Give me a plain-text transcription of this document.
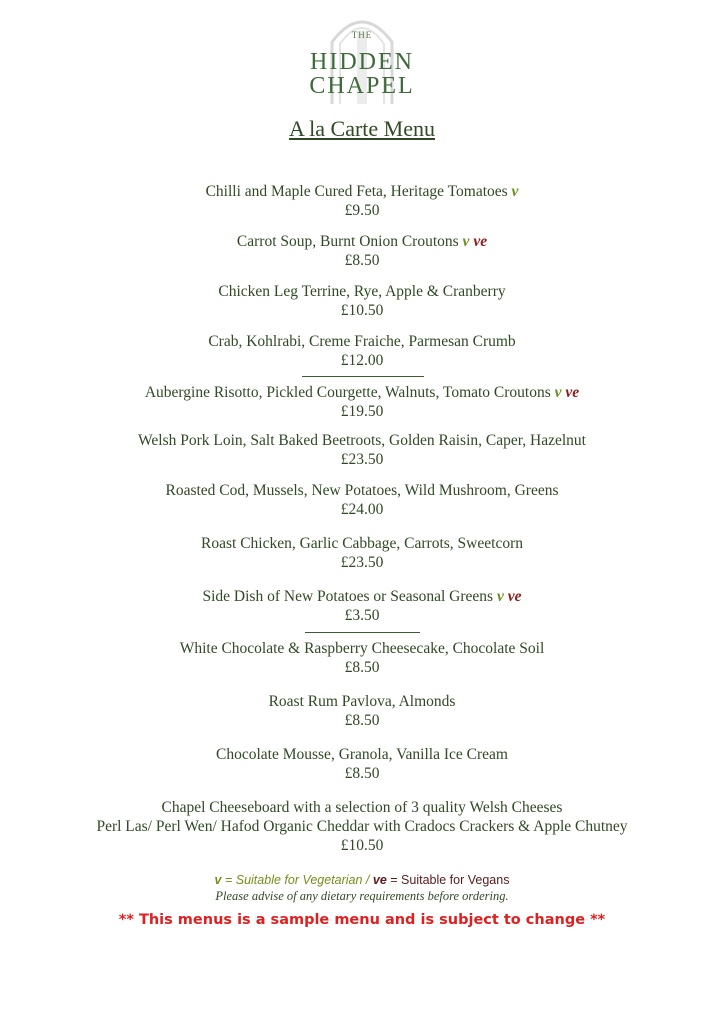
THE
HIDDEN
CHAPEL
A la Carte Menu
Chilli and Maple Cured Feta, Heritage Tomatoes v
£9.50
Carrot Soup, Burnt Onion Croutons v ve
£8.50
Chicken Leg Terrine, Rye, Apple & Cranberry
£10.50
Crab, Kohlrabi, Creme Fraiche, Parmesan Crumb
£12.00
Aubergine Risotto, Pickled Courgette, Walnuts, Tomato Croutons v ve
£19.50
Welsh Pork Loin, Salt Baked Beetroots, Golden Raisin, Caper, Hazelnut
£23.50
Roasted Cod, Mussels, New Potatoes, Wild Mushroom, Greens
£24.00
Roast Chicken, Garlic Cabbage, Carrots, Sweetcorn
£23.50
Side Dish of New Potatoes or Seasonal Greens v ve
£3.50
White Chocolate & Raspberry Cheesecake, Chocolate Soil
£8.50
Roast Rum Pavlova, Almonds
£8.50
Chocolate Mousse, Granola, Vanilla Ice Cream
£8.50
Chapel Cheeseboard with a selection of 3 quality Welsh Cheeses
Perl Las/ Perl Wen/ Hafod Organic Cheddar with Cradocs Crackers & Apple Chutney
£10.50
v = Suitable for Vegetarian / ve = Suitable for Vegans
Please advise of any dietary requirements before ordering.
** This menus is a sample menu and is subject to change **
